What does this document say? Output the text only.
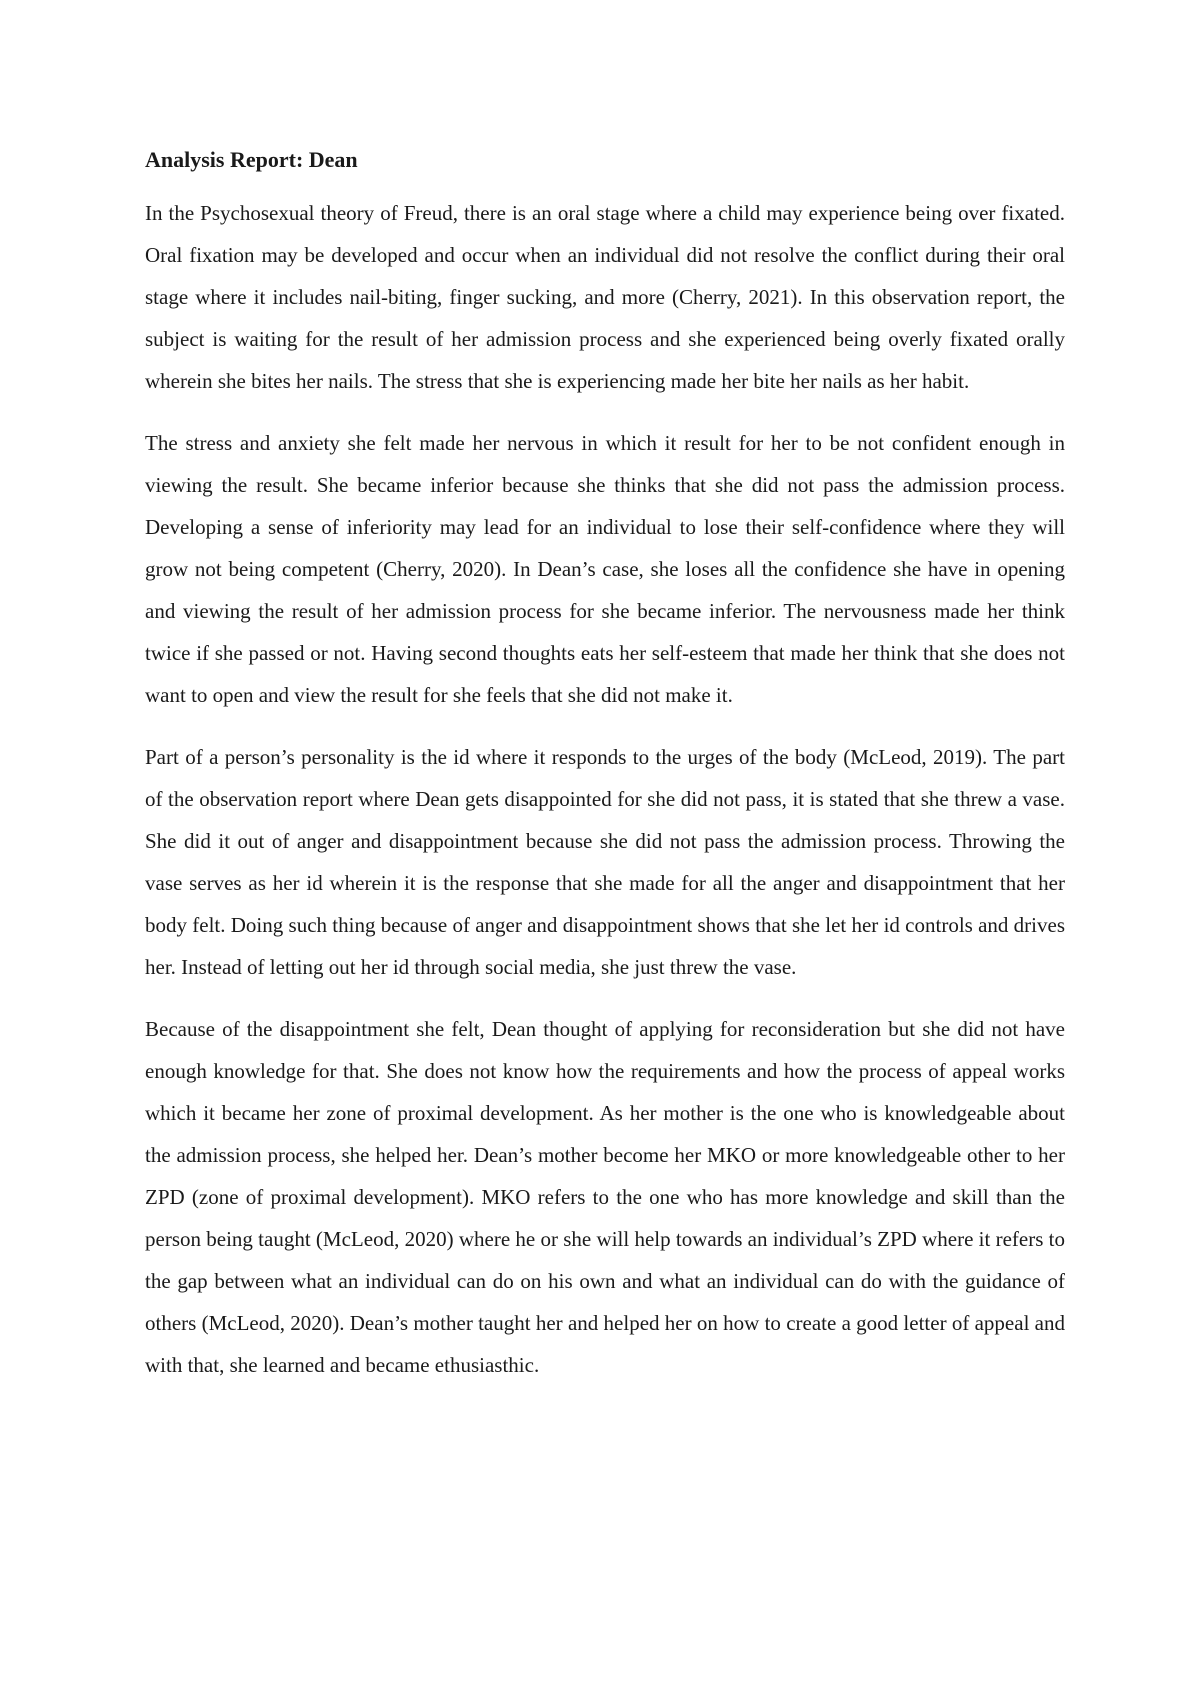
Analysis Report: Dean

In the Psychosexual theory of Freud, there is an oral stage where a child may experience being over fixated. Oral fixation may be developed and occur when an individual did not resolve the conflict during their oral stage where it includes nail-biting, finger sucking, and more (Cherry, 2021). In this observation report, the subject is waiting for the result of her admission process and she experienced being overly fixated orally wherein she bites her nails. The stress that she is experiencing made her bite her nails as her habit.

The stress and anxiety she felt made her nervous in which it result for her to be not confident enough in viewing the result. She became inferior because she thinks that she did not pass the admission process. Developing a sense of inferiority may lead for an individual to lose their self-confidence where they will grow not being competent (Cherry, 2020). In Dean’s case, she loses all the confidence she have in opening and viewing the result of her admission process for she became inferior. The nervousness made her think twice if she passed or not. Having second thoughts eats her self-esteem that made her think that she does not want to open and view the result for she feels that she did not make it.

Part of a person’s personality is the id where it responds to the urges of the body (McLeod, 2019). The part of the observation report where Dean gets disappointed for she did not pass, it is stated that she threw a vase. She did it out of anger and disappointment because she did not pass the admission process. Throwing the vase serves as her id wherein it is the response that she made for all the anger and disappointment that her body felt. Doing such thing because of anger and disappointment shows that she let her id controls and drives her. Instead of letting out her id through social media, she just threw the vase.

Because of the disappointment she felt, Dean thought of applying for reconsideration but she did not have enough knowledge for that. She does not know how the requirements and how the process of appeal works which it became her zone of proximal development. As her mother is the one who is knowledgeable about the admission process, she helped her. Dean’s mother become her MKO or more knowledgeable other to her ZPD (zone of proximal development). MKO refers to the one who has more knowledge and skill than the person being taught (McLeod, 2020) where he or she will help towards an individual’s ZPD where it refers to the gap between what an individual can do on his own and what an individual can do with the guidance of others (McLeod, 2020). Dean’s mother taught her and helped her on how to create a good letter of appeal and with that, she learned and became ethusiasthic.
